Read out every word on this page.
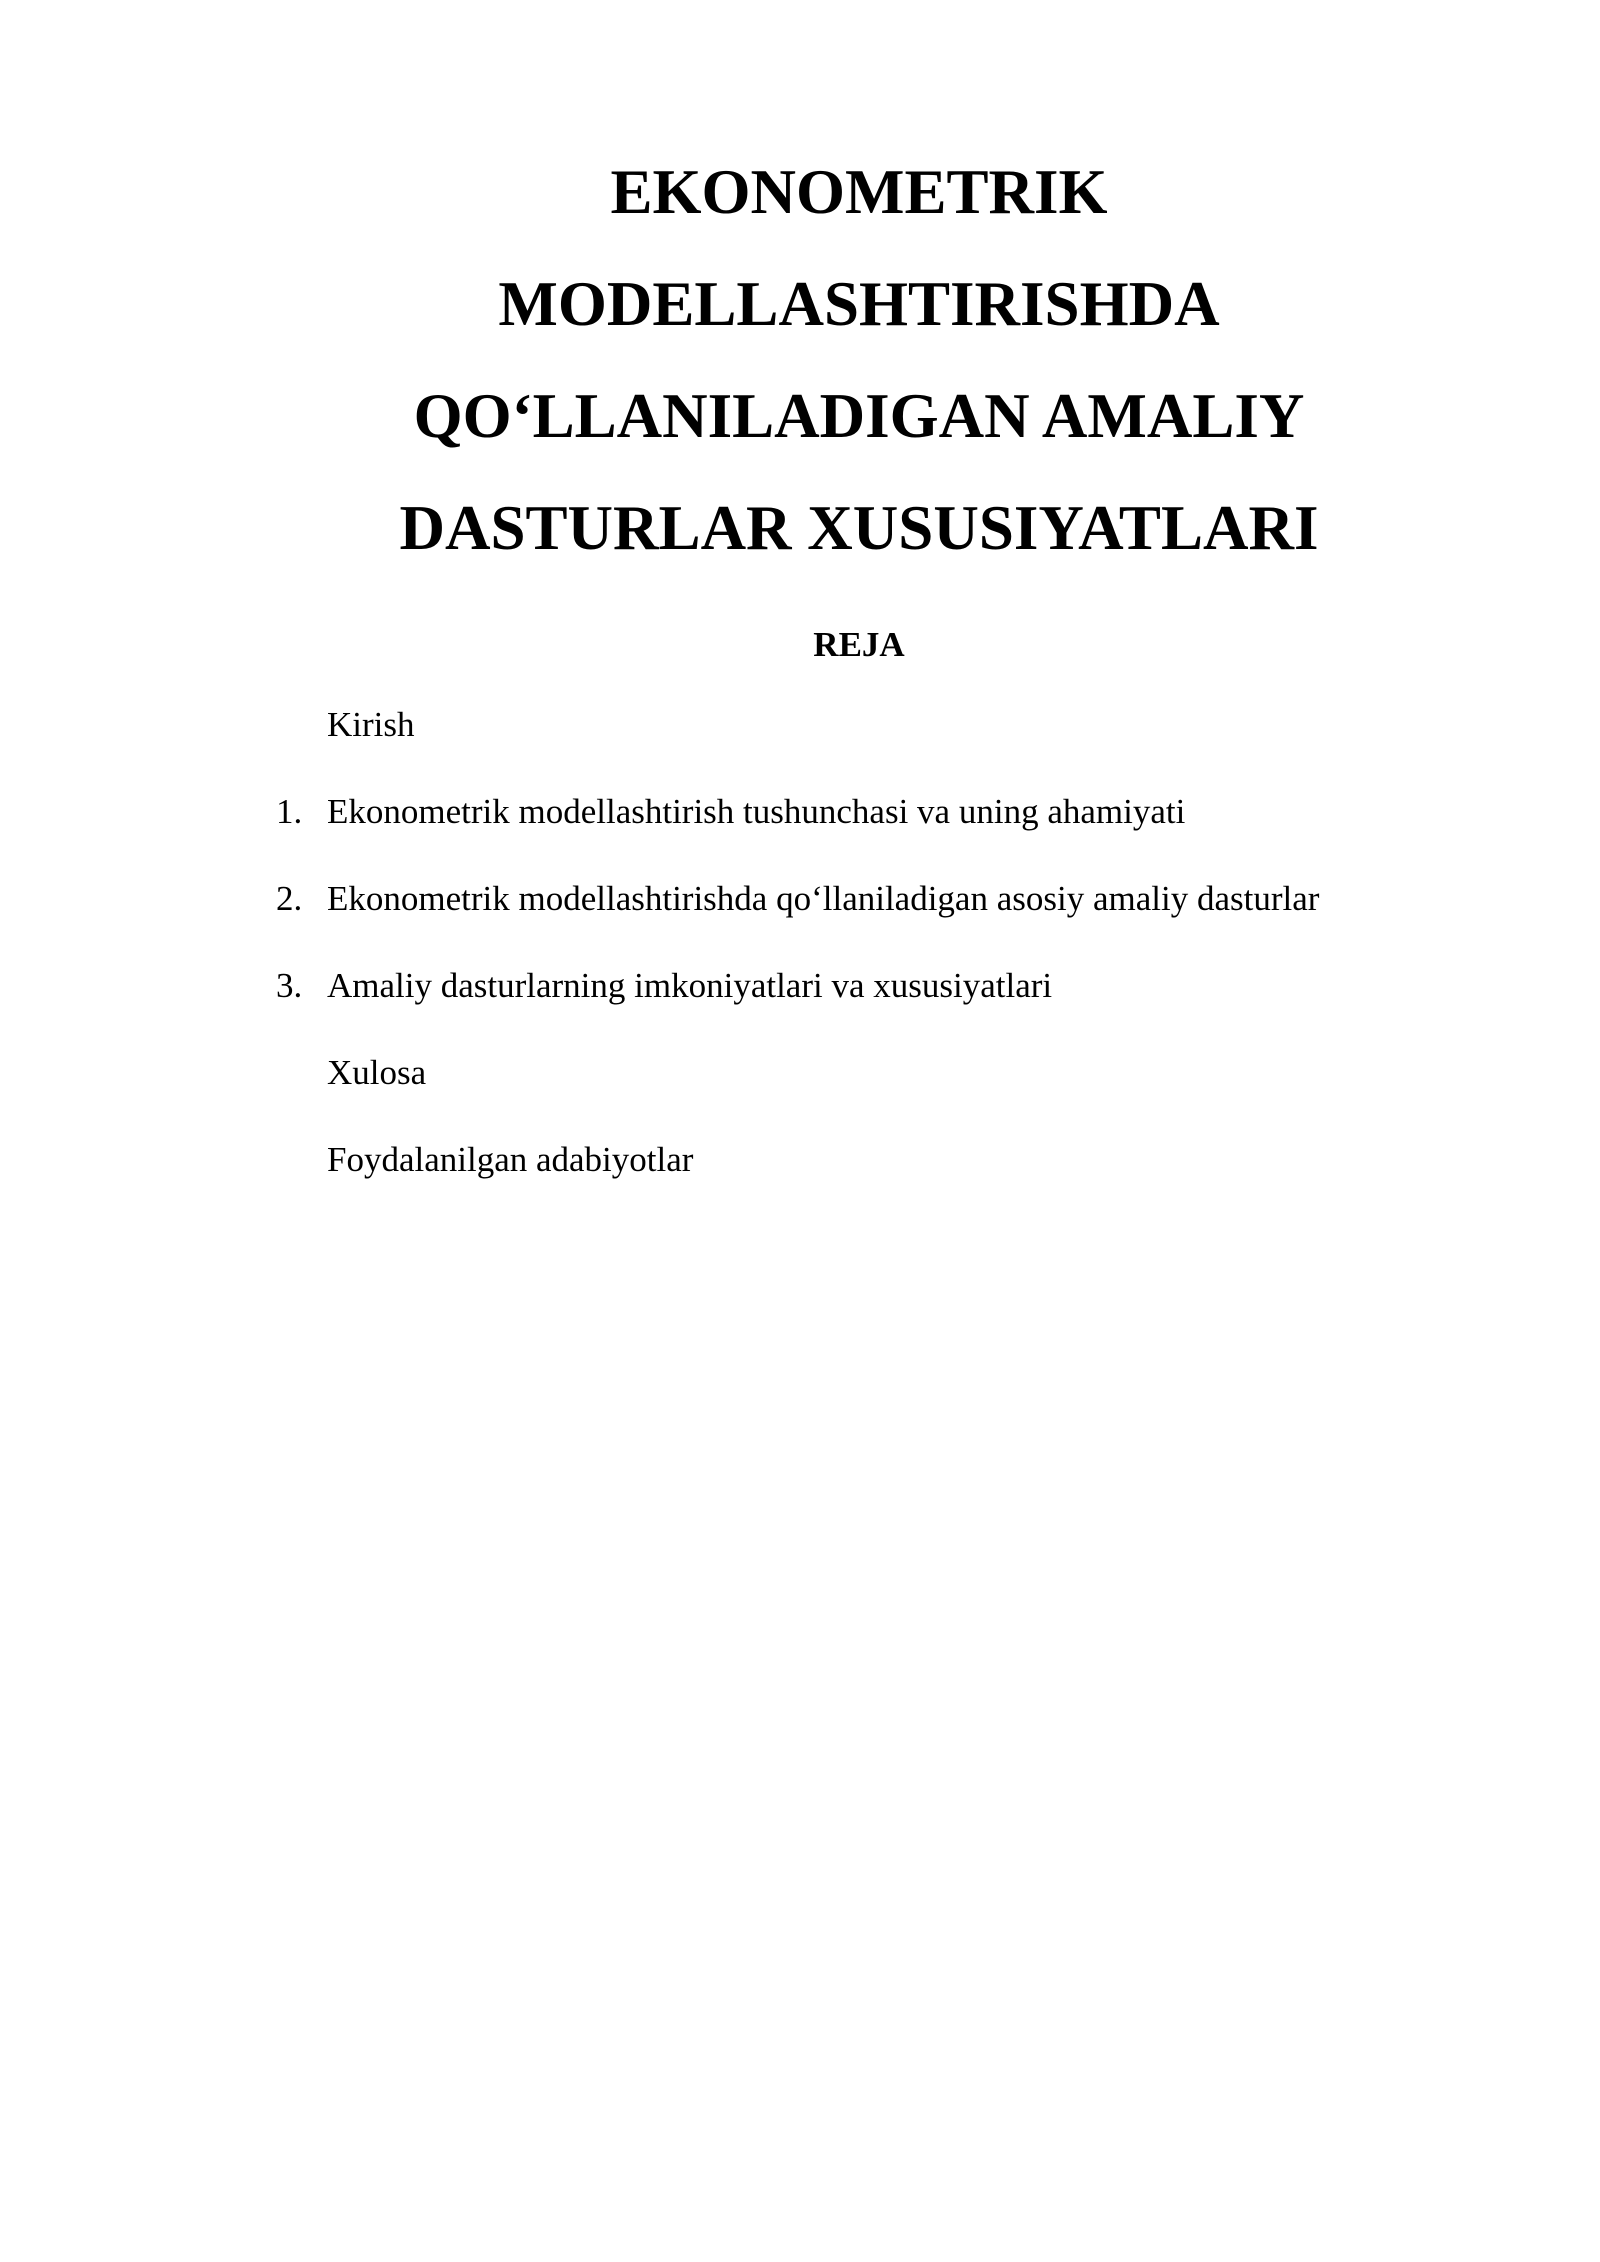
EKONOMETRIK
MODELLASHTIRISHDA
QO‘LLANILADIGAN AMALIY
DASTURLAR XUSUSIYATLARI
REJA
Kirish
1. Ekonometrik modellashtirish tushunchasi va uning ahamiyati
2. Ekonometrik modellashtirishda qo‘llaniladigan asosiy amaliy dasturlar
3. Amaliy dasturlarning imkoniyatlari va xususiyatlari
Xulosa
Foydalanilgan adabiyotlar
